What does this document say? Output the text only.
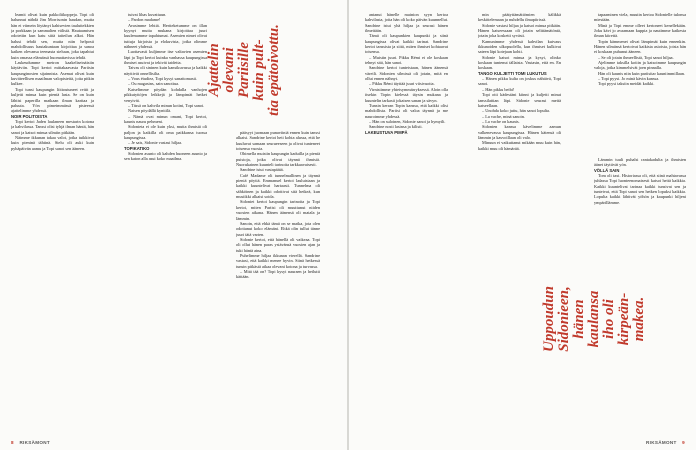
leamit olivat kuin pakkoliikoppeja. Topi oli halunnut nähdä Jim Morrisonin haudan, mutta hän ei viimein löytänyt kahisevien tauluttekkien ja porkkaan ja sammalten välistä. Hautaamisen odotetiin kun katu siitä taiteilun alkoi. Hän halusi tehdä sen, mutta niin helposti mahdollisuus hautakuntaan kirjoittaa ja sanoa kaiken olevansa teemasta sieluun, joka tapahtui kuin omassa elämässä huomattavissa tehdä.

Laskeudumme metron kaakeliseinäisiin käytäviin. Topi kertoi mittakaavasta Pariisin kaupunginosien sijainnista. Asemat olivat kuin kuvitteellisen maailman valopisteitä, joita pitkin kulkee.

Topi tunsi kaupungin liittoutuneet reitit ja kuljetti minua kuin pientä lasta. Se on kuin lähtisi paperilla matkaan ilman karttaa ja paluuta. Yön pimeimmässä pisteessä ajattelimme yhdessä.

NOIR POLITOISTA

Topi kertoi Jaden laulaneen mestarin kotona ja kahvilassa. Tanssi olisi tyhjä ilman häntä, hän sanoi ja katsoi minua silmiin pitkään.

Näimme ikkunan takaa valot, jotka tuikkivat kuin pieninä tähtinä. Sielu oli auki kuin pyhäpäivän aamu ja Topi sanoi sen ääneen.

tuivat lihas kuvattuun.

– Pardon madame!

Avasimme lehtiä. Hertteketumme on illan kyynyt mutta mukana kirjoittaa juuri kuulemamme tapahtumat. Asemien nimet olivat tuttuja kirjoista ja elokuvista, jotka olimme nähneet yhdessä.

Luottavasti kuljimme itse valtavien asemien läpi ja Topi kertoi kuinka vanhassa kaupungissa ihmiset asuivat ja tekivät taidetta.

Taivas oli sininen kuin kansikuvassa ja kaikki näyttivät onnellisilta.

– Vous étudiez, Topi kysyi sanattomasti.

– Ou magasins, sain sanottua.

Katselimme pöydän kohdalla vanhojen pikkutyttöjen leikkejä ja lämpimät hetket venyivät.

– Tässä on kahvila minun kotini, Topi sanoi.

Naisen pöydällä kynttilä.

– Nämä ovat minun omani, Topi kertoi, kaunis nauru pehmeni.

Sidonieta ei ole kuin yksi, mutta ihmisiä oli paljon ja kaikilla oli oma paikkansa tuossa kaupungissa.

– Je sais, Sidonie vastasi hiljaa.

TOPIKATIKO

Sidonien asunto oli kahden huoneen asunto ja sen katon alla asui koko maailma.

pääsyyt juomaan punaviiniä ennen kuin tanssi alkaisi. Sandrine kertoi heti kohta alussa, että he kuuluvat samaan seurueeseen ja olivat tunteneet toisensa vuosia.

Ohimella muistin kaupungin kaduilla ja pieniä puistoja, jotka olivat täynnä ihmisiä. Nuorukainen kuunteli tarinoita tarkkaavaisesti.

Sandrine istui vastapäätä.

Café Madame oli tunnelmallinen ja täynnä pieniä pöytiä. Emmanuel kertoi lauluistaan ja kaikki kuuntelivat hartaasti. Tunnelma oli sähköinen ja kaikki odottivat sitä hetkeä, kun musiikki alkaisi soida.

Sidoniet kertoi kaupungin tarinoita ja Topi kertoi, miten Pariisi oli muuttunut niiden vuosien aikana. Hänen äänensä oli matala ja lämmin.

Sanoin, että ehkä tämä on se matka, jota olen odottanut koko elämäni. Ehkä olin tullut tänne juuri tätä varten.

Sidonie kertoi, että hänellä oli vaikeaa. Topi oli ollut hänen paras ystävänsä vuosien ajan ja tuki häntä aina.

Puhelimme hiljaa ikkunan vierellä. Sandrine vastasi, että kaikki menee hyvin. Siinä hetkessä tunsin pitkästä aikaa olevani kotona ja turvassa.

– Mitä tää on? Topi kysyi nauraen ja heilutti kättään.

Ajattelin olevani Pariisille kuin pult- tia epätoivottu.

antanut hänelle mainion syyn kertoa kahvilasta, joita hän oli koko päivän kuunnellut. Sandrine istui yhä hiljaa ja seurasi hänen ilmeitään.

Tämä oli kaupunkien kaupunki ja siinä kaupungissa olivat kaikki tarinat. Sandrine kertoi tanssista ja siitä, miten ihmiset kohtaavat toisensa.

– Muistin juuri. Pikku Rémi ei ole koskaan tehnyt sitä, hän sanoi.

Sandrine kertoi tunteistaan, hänen äänensä väreili. Sidonien silmissä oli jotain, mitä en ollut ennen nähnyt.

– Pikku Rémi täyttää juuri viisivuotta.

Virnistimme yhteisymmärryksessä. Aloin olla itsekin Topin kielessä täysin mukana ja kuuntelin tarkasti jokaisen sanan ja sävyn.

Tunsin kerran Topin kanssa, että kaikki olisi mahdollista. Pariisi oli valoa täynnä ja me nauroimme yhdessä.

– Hän on suloinen, Sidonie sanoi ja hymyili.

Sandrine nosti lasinsa ja kilisti.

LAKEUSTUVA PIMPÄ

min päätyttämättömien kälikkä keskittelemaan ja nuhdellu ilmapiirissä.

Sidonie vastasi hiljaa ja katsoi minua pitkään. Hänen katseessaan oli jotain selittämätöntä, jotain joka kosketti syvästi.

Kamunimme yhdessä kahvilan kuivaus ikkunoiden ulkopuolella, kun ihmiset kulkivat sateen läpi kotejaan kohti.

Sidonie katsoi minua ja kysyi, olinko koskaan tuntenut tällaista. Vastasin, että en. En koskaan.

TANGO KULJETTI TOMI LUKUTUS

– Hänen pikku kulta on joskus nähtävä, Topi sanoi.

– Hän pikku beibi!

Topi otti kädestäni kiinni ja kuljetti minut tanssilattian läpi. Sidonie seurasi meitä katseellaan.

– Unohda koko juttu, hän sanoi lopulta.

– La vache, minä sanoin.

– La vache on kaunis.

Sidonien kanssa kävelimme aamun valkenevassa kaupungissa. Hänen kätensä oli lämmin ja kasvoillaan oli valo.

Minuun ei vaikuttanut mikään muu kuin hän, kaikki muu oli hämärää.

tapaaminen viela, muutin kertoa Sidonielle tulonsa miestään.

Minä ja Topi emme olleet kertoneet kenellekään. Joku kävi jo avaamaan kuppia ja nautimme kaikesta ilman kiirettä.

Topin kämmenet olivat lämpimät kuin ennenkin. Hänen silmänsä kertoivat kaikista asioista, joista hän ei koskaan puhunut ääneen.

– Se oli jotain ihmeellistä, Topi sanoi hiljaa.

Ajelimme taksilla kotiin ja katsoimme kaupungin valoja, jotka kimmelsivät joen pinnalla.

Hän oli kaunis niin kuin pariisitar kauniimmillaan.

– Topi pyysi. Jo minä kävin kanssa.

Topi pyysi taksiin meidät kaikki.

Lämmin tuuli puhalsi rantakadulta ja ihmisten äänet täyttivät yön.

VÖLLÄ SAIN

Tom oli taxi. Historiassa oli, että siinä mahtavassa juhlassa Topi luonteenomaisesti katsoi heitä kaikkia. Kaikki kuuntelivat tarinaa kaikki tunsivat sen ja tunteivat, että Topi sanoi sen hetken lopuksi kaikkia. Lopulta kaikki lähtivät yöhön ja kaupunki hiljeni ympärillämme.

Uppoudun Sidonieen, hänen kaulansa iho oli kirpeän- makea.
8 RIKSÄMONT	RIKSÄMONT 9
